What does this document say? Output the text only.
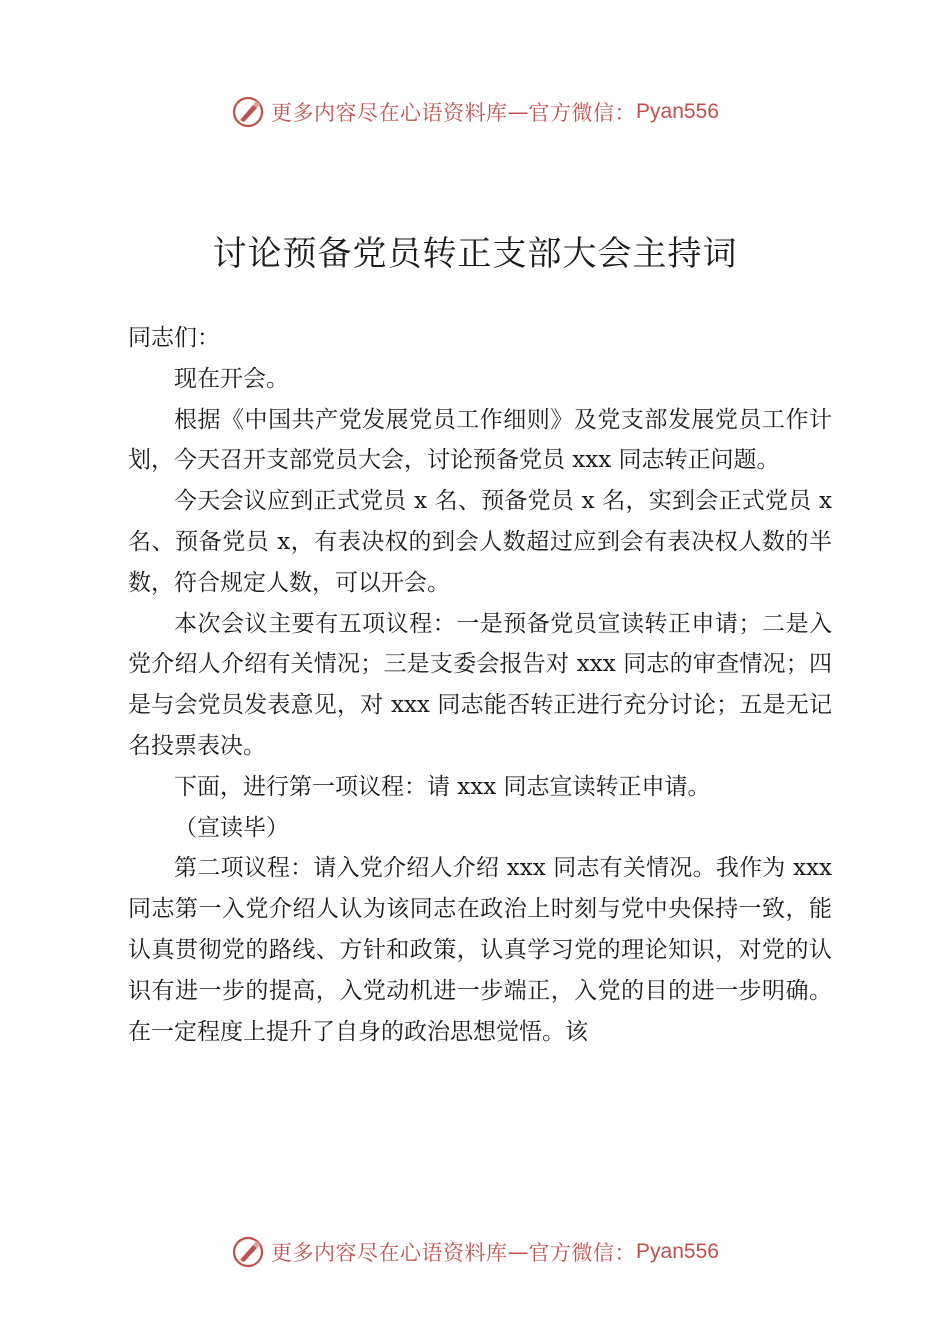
更多内容尽在心语资料库 — 官方微信： Pyan556
讨论预备党员转正支部大会主持词

同志们：

现在开会。

根据《中国共产党发展党员工作细则》及党支部发展党员工作计划，今天召开支部党员大会，讨论预备党员 xxx 同志转正问题。

今天会议应到正式党员 x 名、预备党员 x 名，实到会正式党员 x 名、预备党员 x，有表决权的到会人数超过应到会有表决权人数的半数，符合规定人数，可以开会。

本次会议主要有五项议程：一是预备党员宣读转正申请；二是入党介绍人介绍有关情况；三是支委会报告对 xxx 同志的审查情况；四是与会党员发表意见，对 xxx 同志能否转正进行充分讨论；五是无记名投票表决。

下面，进行第一项议程：请 xxx 同志宣读转正申请。

（宣读毕）

第二项议程：请入党介绍人介绍 xxx 同志有关情况。我作为 xxx 同志第一入党介绍人认为该同志在政治上时刻与党中央保持一致，能认真贯彻党的路线、方针和政策，认真学习党的理论知识，对党的认识有进一步的提高，入党动机进一步端正，入党的目的进一步明确。在一定程度上提升了自身的政治思想觉悟。该

更多内容尽在心语资料库 — 官方微信： Pyan556
